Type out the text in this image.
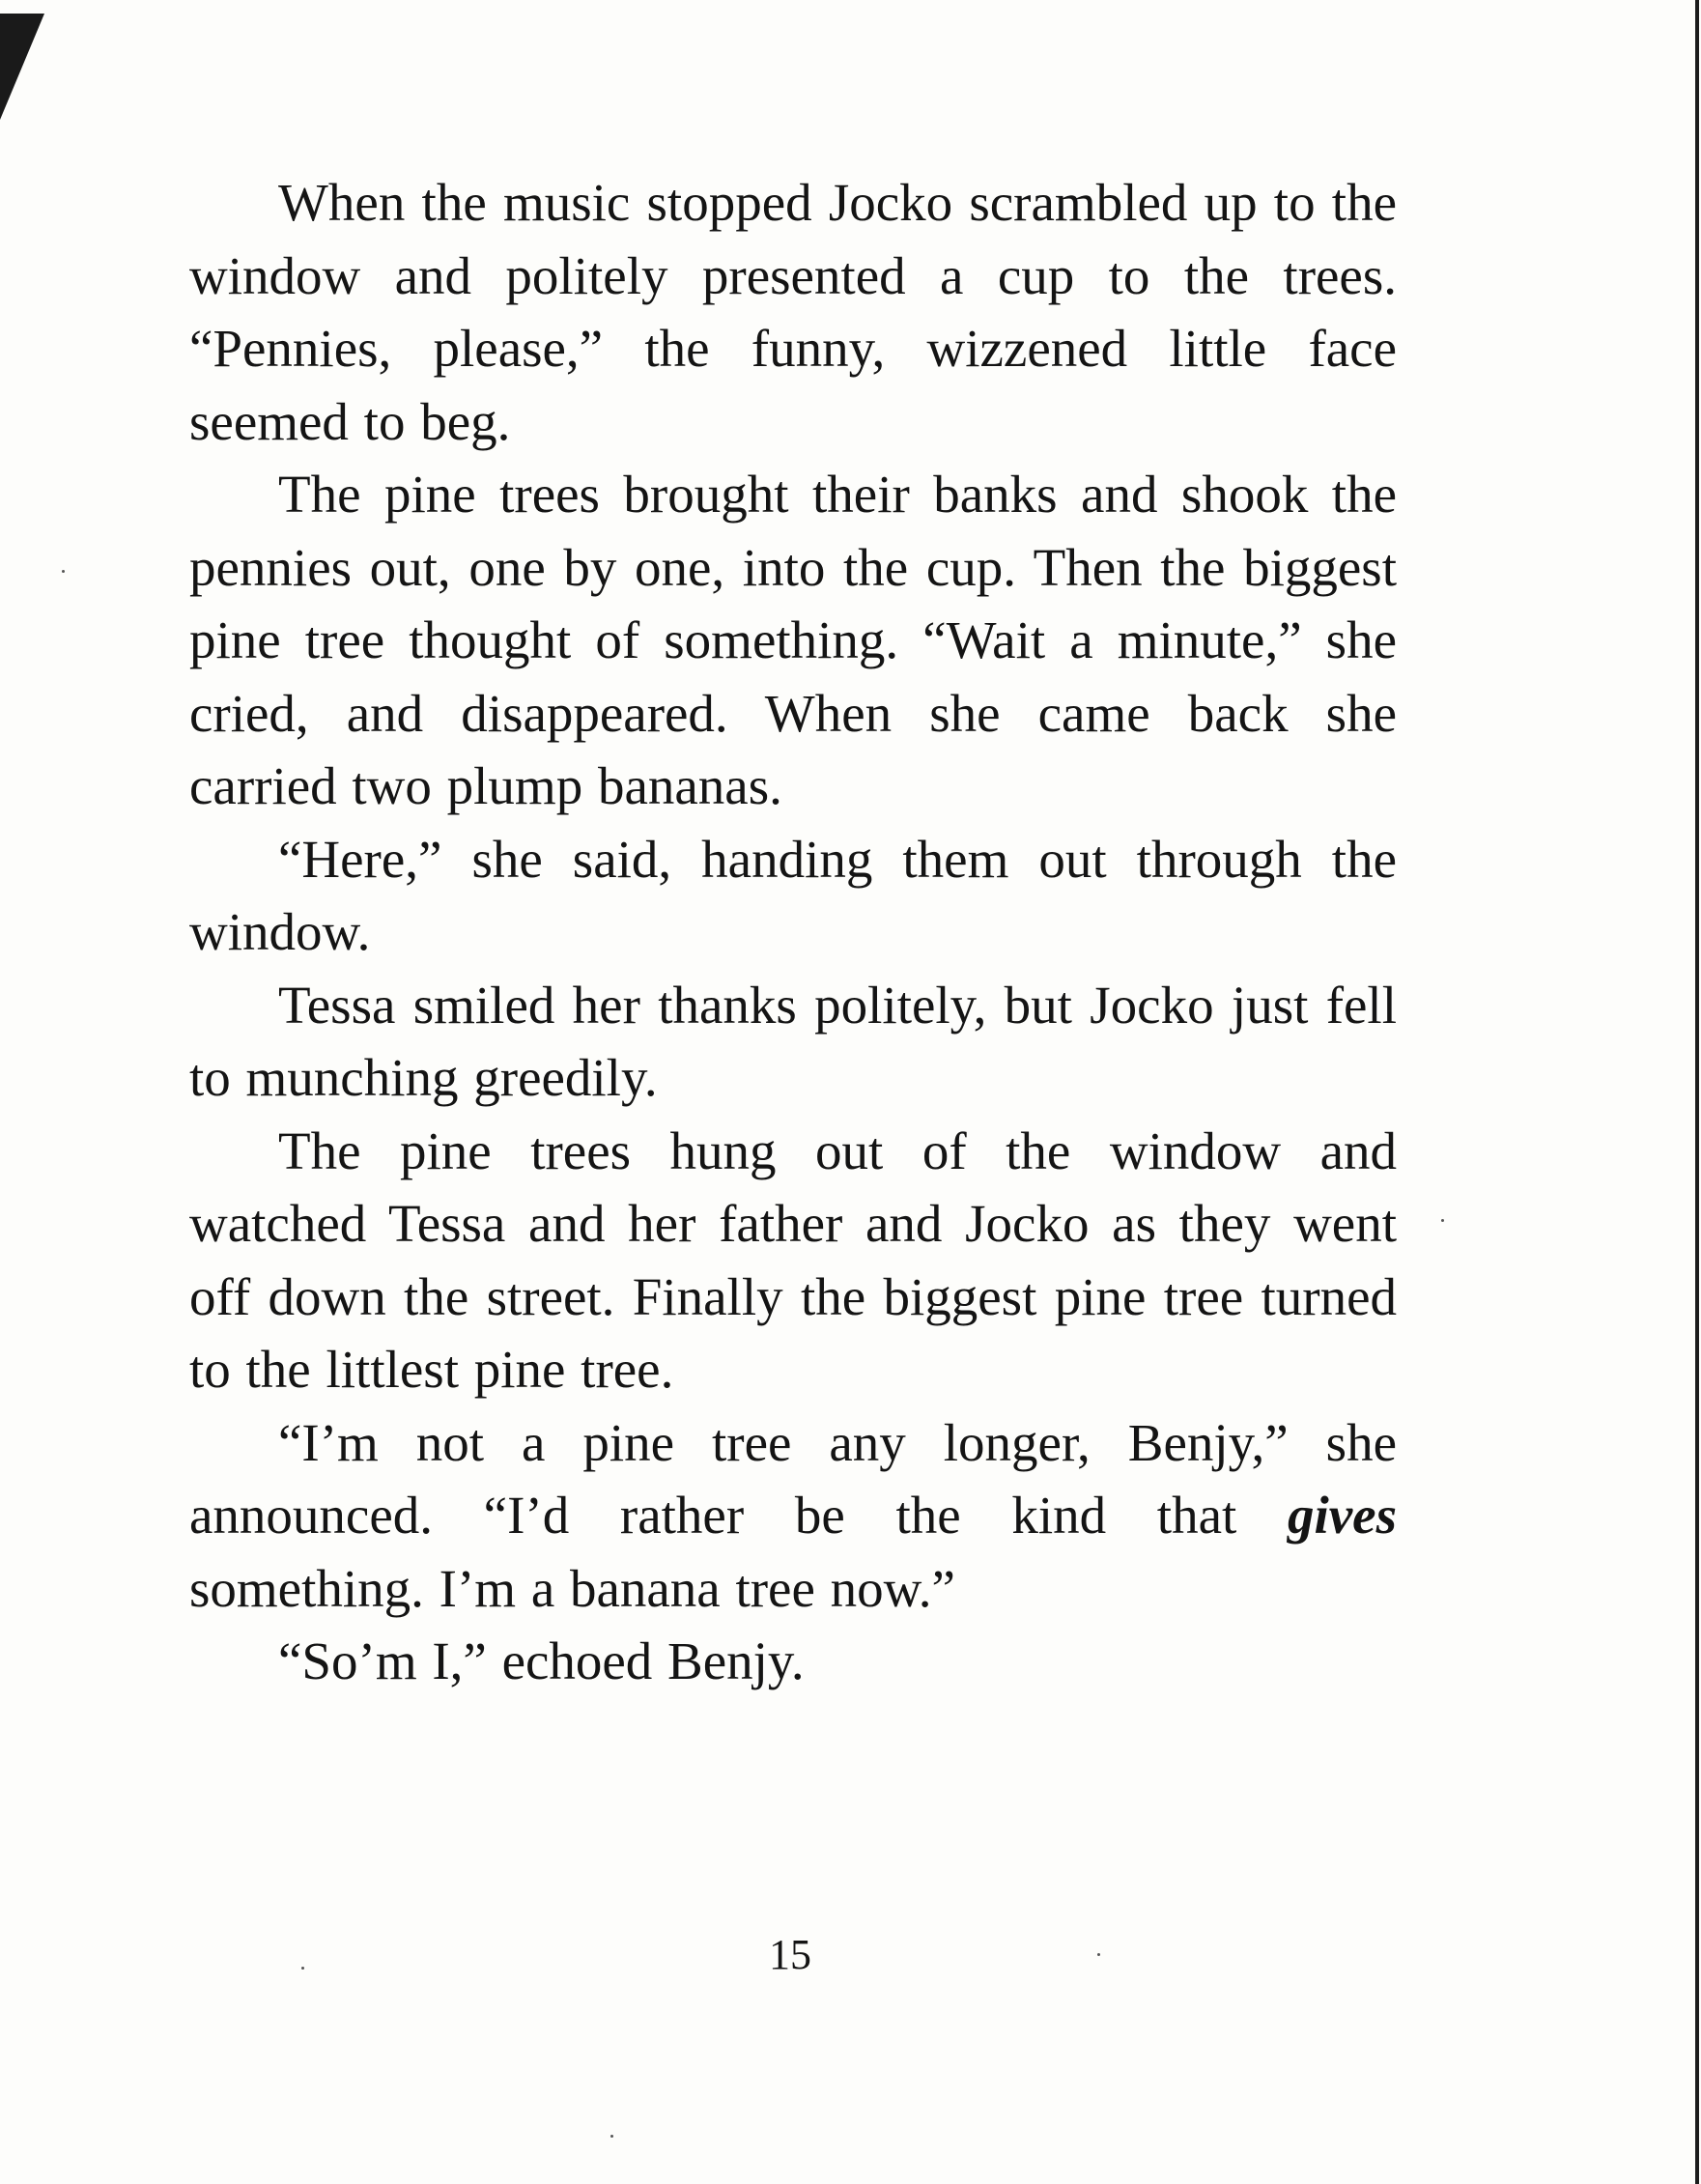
When the music stopped Jocko scrambled up to the window and politely presented a cup to the trees. “Pennies, please,” the funny, wizzened little face seemed to beg.

The pine trees brought their banks and shook the pennies out, one by one, into the cup. Then the biggest pine tree thought of something. “Wait a minute,” she cried, and disappeared. When she came back she carried two plump bananas.

“Here,” she said, handing them out through the window.

Tessa smiled her thanks politely, but Jocko just fell to munching greedily.

The pine trees hung out of the window and watched Tessa and her father and Jocko as they went off down the street. Finally the biggest pine tree turned to the littlest pine tree.

“I’m not a pine tree any longer, Benjy,” she announced. “I’d rather be the kind that gives something. I’m a banana tree now.”

“So’m I,” echoed Benjy.

15
